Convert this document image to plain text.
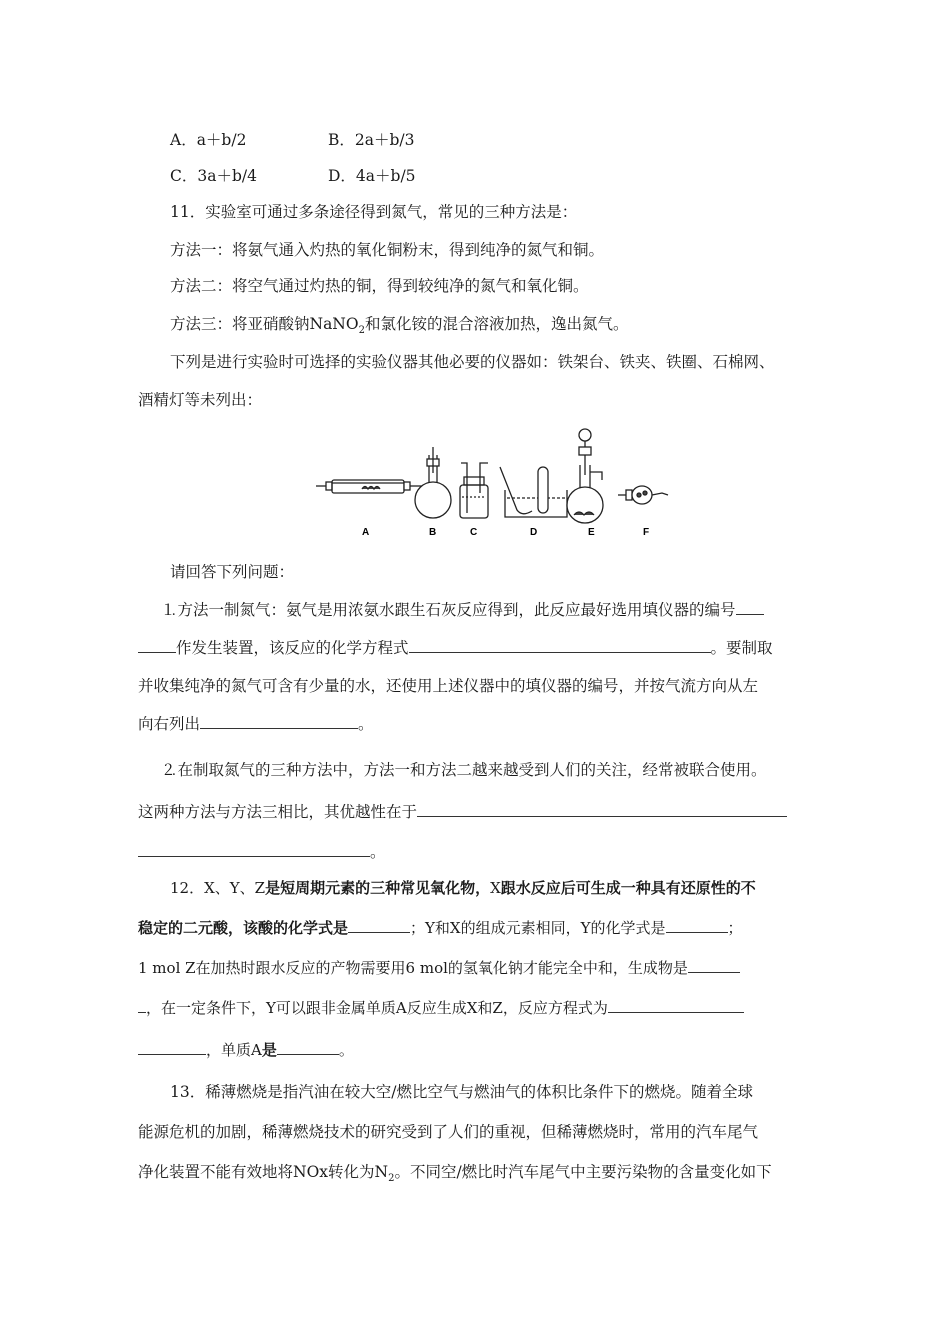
A．a＋b/2	B．2a＋b/3
C．3a＋b/4	D．4a＋b/5
11．实验室可通过多条途径得到氮气，常见的三种方法是：
方法一：将氨气通入灼热的氧化铜粉末，得到纯净的氮气和铜。
方法二：将空气通过灼热的铜，得到较纯净的氮气和氧化铜。
方法三：将亚硝酸钠NaNO$_2$和氯化铵的混合溶液加热，逸出氮气。
下列是进行实验时可选择的实验仪器其他必要的仪器如：铁架台、铁夹、铁圈、石棉网、
酒精灯等未列出：
A	B	C	D	E	F
请回答下列问题：
⒈方法一制氮气：氨气是用浓氨水跟生石灰反应得到，此反应最好选用填仪器的编号
作发生装置，该反应的化学方程式	。要制取
并收集纯净的氮气可含有少量的水，还使用上述仪器中的填仪器的编号，并按气流方向从左
向右列出	。
⒉在制取氮气的三种方法中，方法一和方法二越来越受到人们的关注，经常被联合使用。
这两种方法与方法三相比，其优越性在于
。
12．X、Y、Z是短周期元素的三种常见氧化物，X跟水反应后可生成一种具有还原性的不
稳定的二元酸，该酸的化学式是	；Y和X的组成元素相同，Y的化学式是	；
1 mol Z在加热时跟水反应的产物需要用6 mol的氢氧化钠才能完全中和，生成物是
，在一定条件下，Y可以跟非金属单质A反应生成X和Z，反应方程式为
，单质A是	。
13．稀薄燃烧是指汽油在较大空/燃比空气与燃油气的体积比条件下的燃烧。随着全球
能源危机的加剧，稀薄燃烧技术的研究受到了人们的重视，但稀薄燃烧时，常用的汽车尾气
净化装置不能有效地将NOx转化为$N_2$。不同空/燃比时汽车尾气中主要污染物的含量变化如下
